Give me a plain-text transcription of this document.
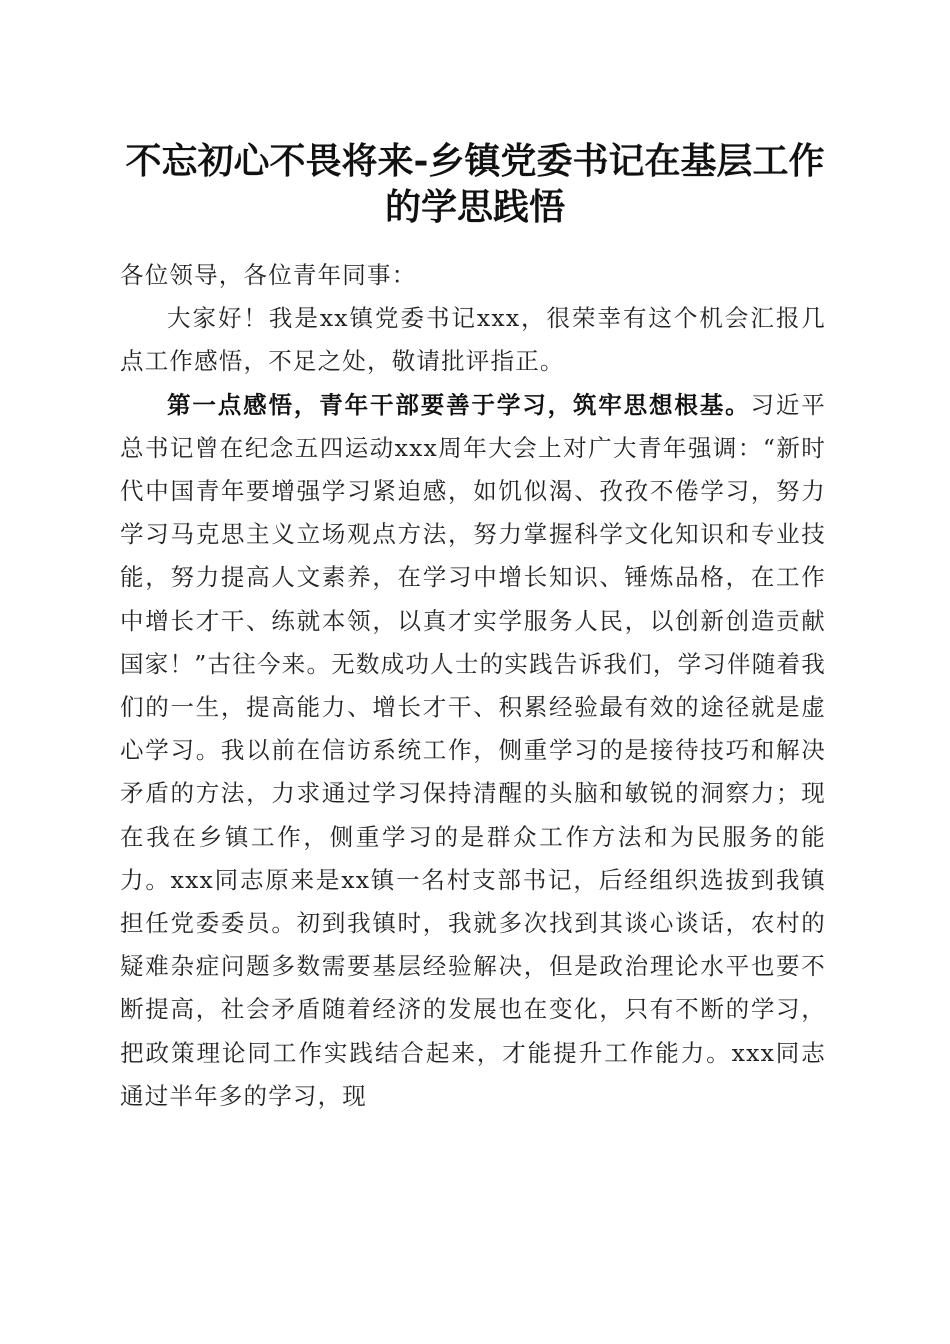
不忘初心不畏将来-乡镇党委书记在基层工作
的学思践悟

各位领导，各位青年同事：

大家好！我是xx镇党委书记xxx，很荣幸有这个机会汇报几点工作感悟，不足之处，敬请批评指正。

第一点感悟，青年干部要善于学习，筑牢思想根基。习近平总书记曾在纪念五四运动xxx周年大会上对广大青年强调：“新时代中国青年要增强学习紧迫感，如饥似渴、孜孜不倦学习，努力学习马克思主义立场观点方法，努力掌握科学文化知识和专业技能，努力提高人文素养，在学习中增长知识、锤炼品格，在工作中增长才干、练就本领，以真才实学服务人民，以创新创造贡献国家！”古往今来。无数成功人士的实践告诉我们，学习伴随着我们的一生，提高能力、增长才干、积累经验最有效的途径就是虚心学习。我以前在信访系统工作，侧重学习的是接待技巧和解决矛盾的方法，力求通过学习保持清醒的头脑和敏锐的洞察力；现在我在乡镇工作，侧重学习的是群众工作方法和为民服务的能力。xxx同志原来是xx镇一名村支部书记，后经组织选拔到我镇担任党委委员。初到我镇时，我就多次找到其谈心谈话，农村的疑难杂症问题多数需要基层经验解决，但是政治理论水平也要不断提高，社会矛盾随着经济的发展也在变化，只有不断的学习，把政策理论同工作实践结合起来，才能提升工作能力。xxx同志通过半年多的学习，现
